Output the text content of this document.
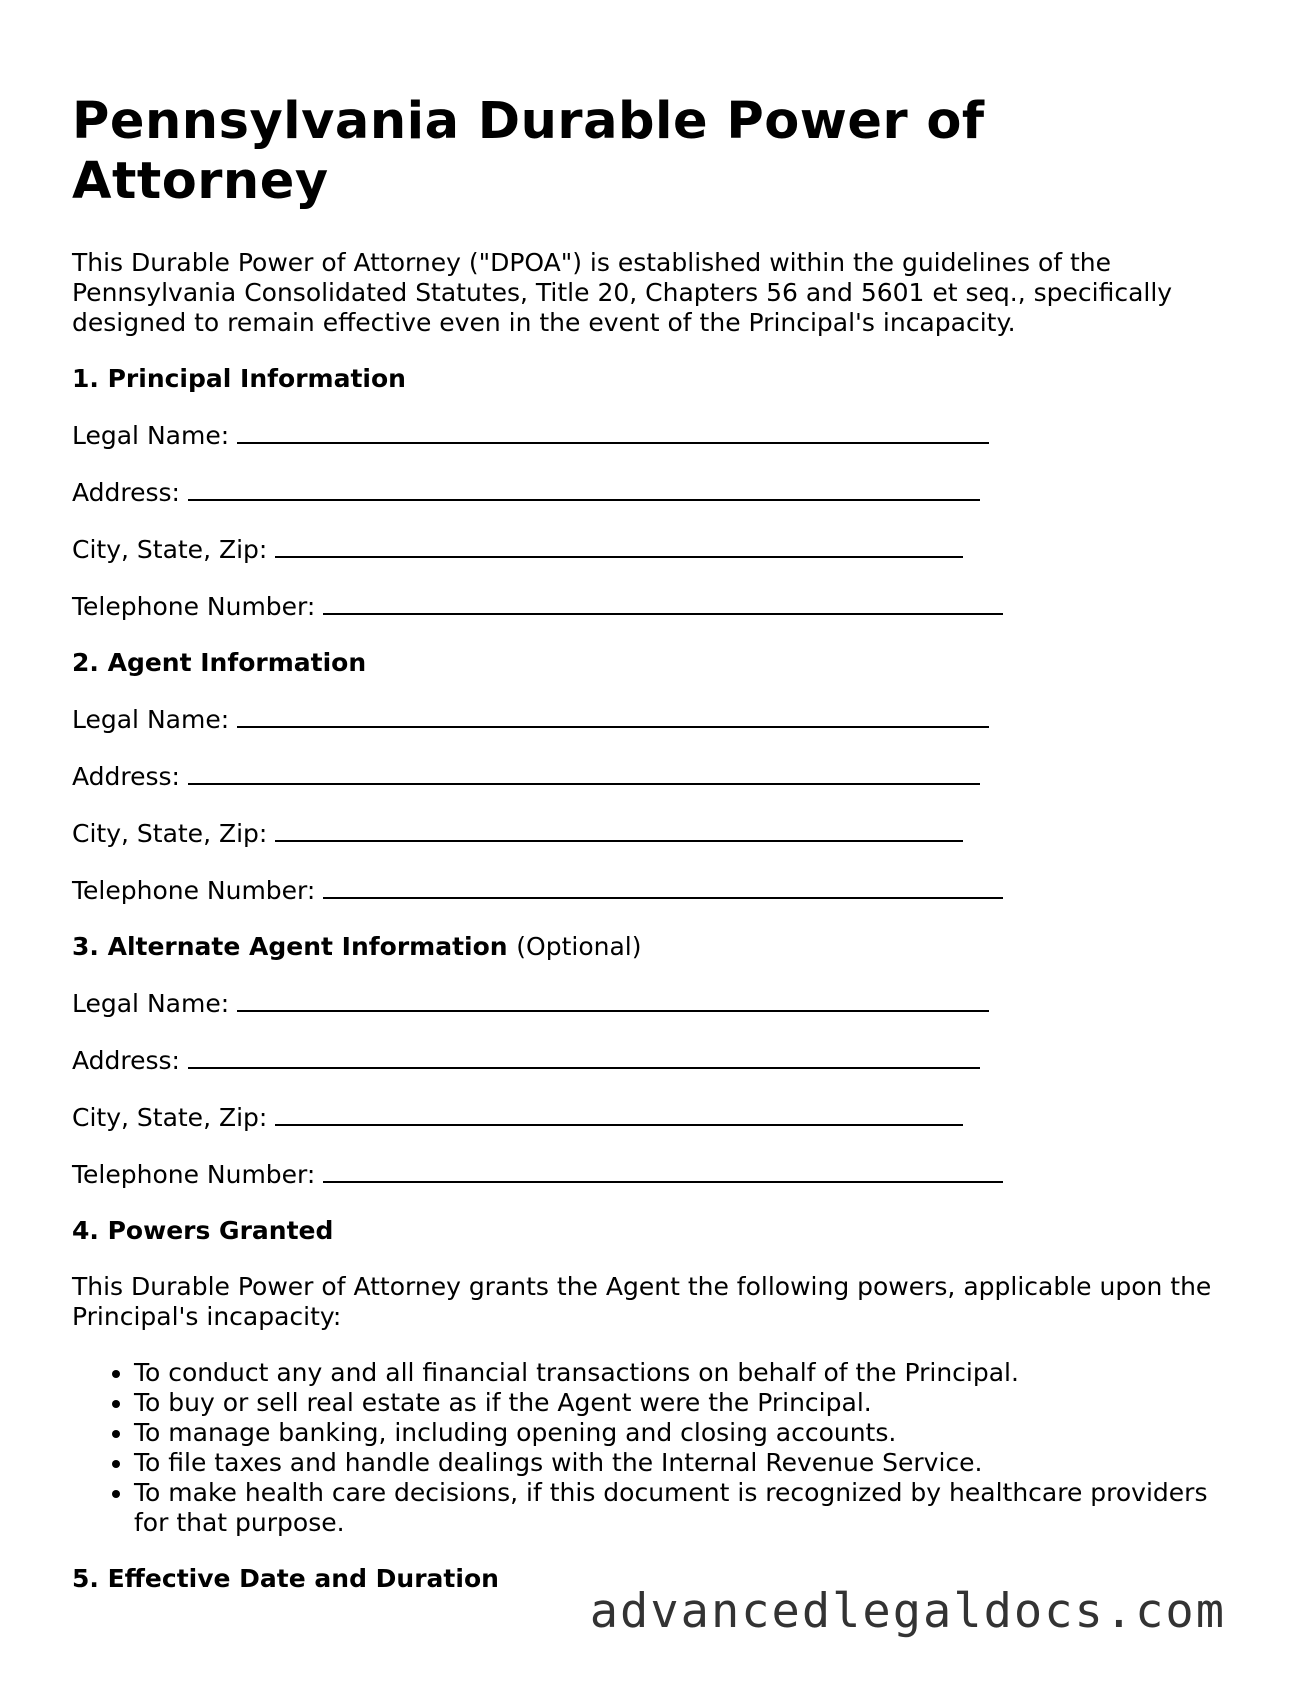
Pennsylvania Durable Power of Attorney

This Durable Power of Attorney ("DPOA") is established within the guidelines of the Pennsylvania Consolidated Statutes, Title 20, Chapters 56 and 5601 et seq., specifically designed to remain effective even in the event of the Principal's incapacity.

1. Principal Information
Legal Name:
Address:
City, State, Zip:
Telephone Number:
2. Agent Information
Legal Name:
Address:
City, State, Zip:
Telephone Number:
3. Alternate Agent Information (Optional)
Legal Name:
Address:
City, State, Zip:
Telephone Number:
4. Powers Granted

This Durable Power of Attorney grants the Agent the following powers, applicable upon the Principal's incapacity:

• To conduct any and all financial transactions on behalf of the Principal.
• To buy or sell real estate as if the Agent were the Principal.
• To manage banking, including opening and closing accounts.
• To file taxes and handle dealings with the Internal Revenue Service.
• To make health care decisions, if this document is recognized by healthcare providers for that purpose.
5. Effective Date and Duration
advancedlegaldocs.com
